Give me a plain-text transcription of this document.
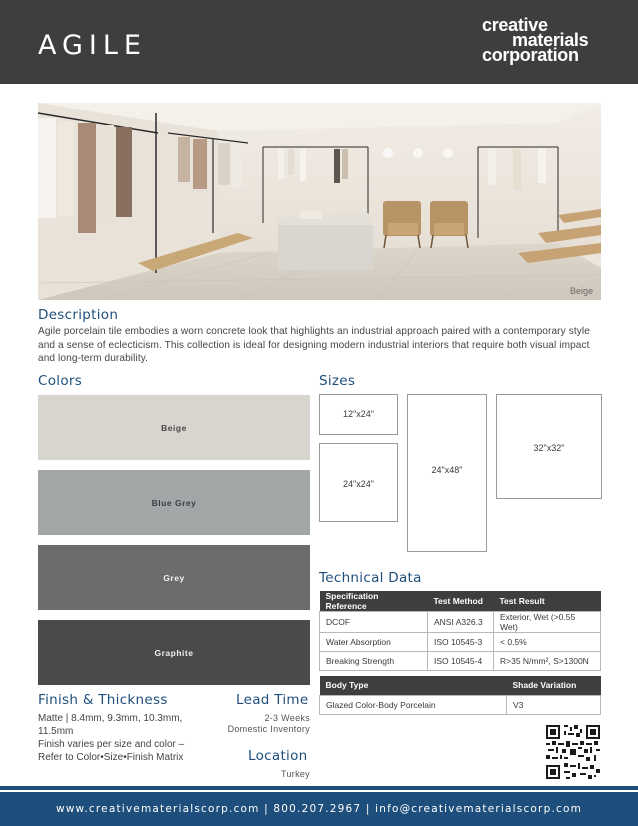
AGILE
creative
materials
corporation
Beige
Description
Agile porcelain tile embodies a worn concrete look that highlights an industrial approach paired with a contemporary style and a sense of eclecticism. This collection is ideal for designing modern industrial interiors that require both visual impact and long-term durability.
Colors
Beige
Blue Grey
Grey
Graphite
Sizes
12"x24"
24"x24"
24"x48"
32"x32"
Technical Data
Specification Reference	Test Method	Test Result
DCOF	ANSI A326.3	Exterior, Wet (>0.55 Wet)
Water Absorption	ISO 10545-3	< 0.5%
Breaking Strength	ISO 10545-4	R>35 N/mm², S>1300N
Body Type	Shade Variation
Glazed Color-Body Porcelain	V3
Finish & Thickness
Matte | 8.4mm, 9.3mm, 10.3mm,
11.5mm
Finish varies per size and color –
Refer to Color•Size•Finish Matrix
Lead Time
2-3 Weeks
Domestic Inventory
Location
Turkey
www.creativematerialscorp.com | 800.207.2967 | info@creativematerialscorp.com
